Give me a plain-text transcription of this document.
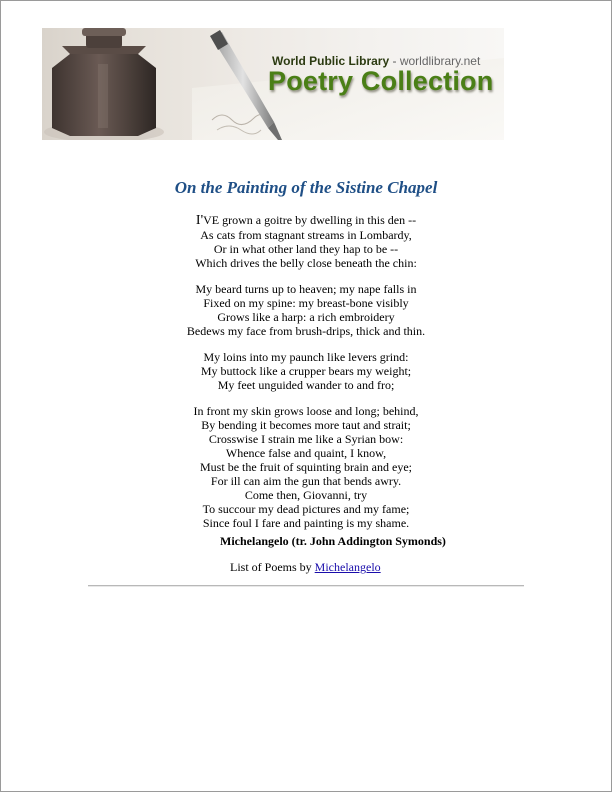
World Public Library - worldlibrary.net
Poetry Collection
On the Painting of the Sistine Chapel
I'VE grown a goitre by dwelling in this den --
As cats from stagnant streams in Lombardy,
Or in what other land they hap to be --
Which drives the belly close beneath the chin:
My beard turns up to heaven; my nape falls in
Fixed on my spine: my breast-bone visibly
Grows like a harp: a rich embroidery
Bedews my face from brush-drips, thick and thin.
My loins into my paunch like levers grind:
My buttock like a crupper bears my weight;
My feet unguided wander to and fro;
In front my skin grows loose and long; behind,
By bending it becomes more taut and strait;
Crosswise I strain me like a Syrian bow:
Whence false and quaint, I know,
Must be the fruit of squinting brain and eye;
For ill can aim the gun that bends awry.
Come then, Giovanni, try
To succour my dead pictures and my fame;
Since foul I fare and painting is my shame.
Michelangelo (tr. John Addington Symonds)
List of Poems by Michelangelo
